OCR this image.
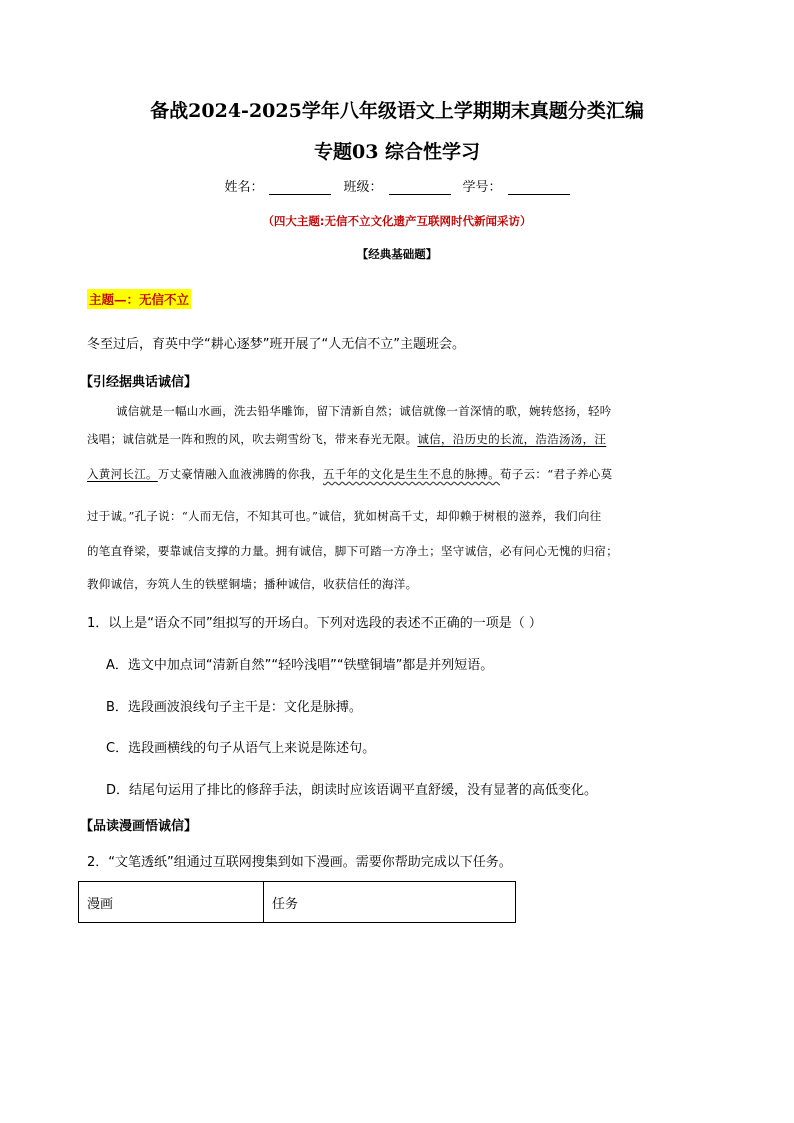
备战2024-2025学年八年级语文上学期期末真题分类汇编
专题03 综合性学习
姓名：	班级：	学号：
（四大主题:无信不立文化遗产互联网时代新闻采访）
【经典基础题】
主题—：无信不立
冬至过后，育英中学“耕心逐梦”班开展了“人无信不立”主题班会。
【引经据典话诚信】
诚信就是一幅山水画，洗去铅华雕饰，留下清新自然；诚信就像一首深情的歌，婉转悠扬，轻吟
浅唱；诚信就是一阵和煦的风，吹去朔雪纷飞，带来春光无限。诚信，沿历史的长流，浩浩汤汤，汪
入黄河长江。万丈豪情融入血液沸腾的你我，五千年的文化是生生不息的脉搏。荀子云：“君子养心莫
过于诚。”孔子说：“人而无信，不知其可也。”诚信，犹如树高千丈，却仰赖于树根的滋养，我们向往
的笔直脊梁，要靠诚信支撑的力量。拥有诚信，脚下可踏一方净土；坚守诚信，必有问心无愧的归宿；
教仰诚信，夯筑人生的铁壁铜墙；播种诚信，收获信任的海洋。
1．以上是“语众不同”组拟写的开场白。下列对选段的表述不正确的一项是（ ）
A．选文中加点词“清新自然”“轻吟浅唱”“铁壁铜墙”都是并列短语。
B．选段画波浪线句子主干是：文化是脉搏。
C．选段画横线的句子从语气上来说是陈述句。
D．结尾句运用了排比的修辞手法，朗读时应该语调平直舒缓，没有显著的高低变化。
【品读漫画悟诚信】
2．“文笔透纸”组通过互联网搜集到如下漫画。需要你帮助完成以下任务。
漫画	任务
